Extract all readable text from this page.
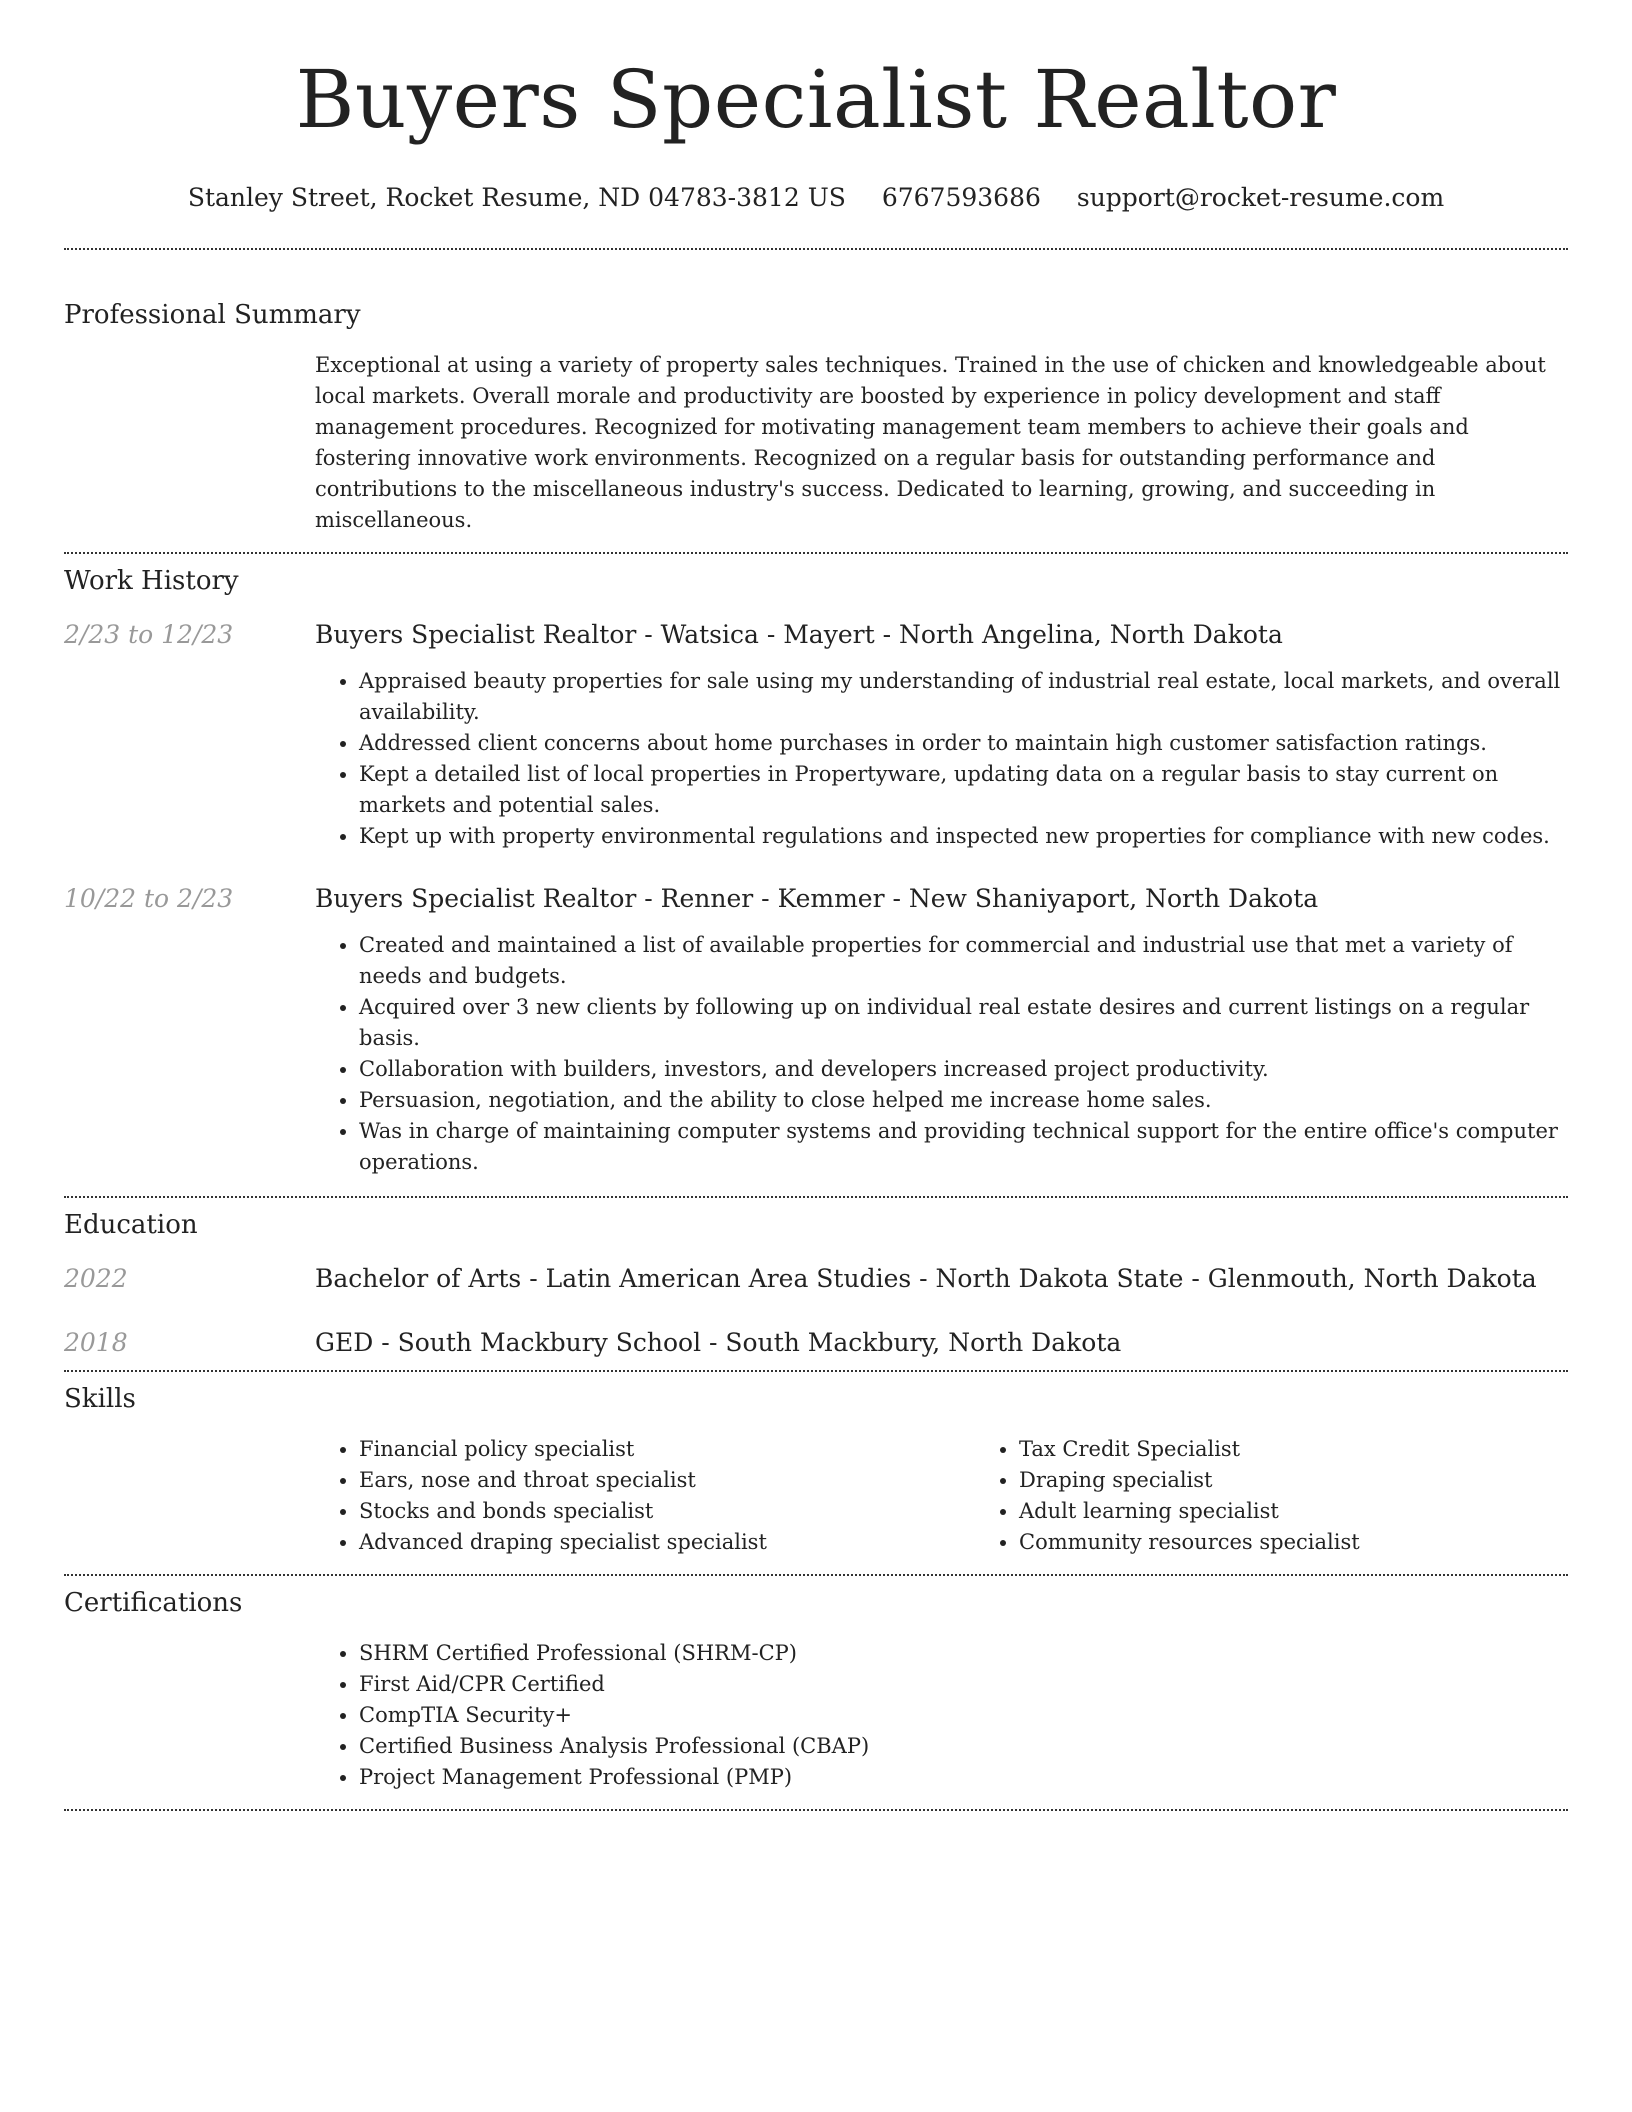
Buyers Specialist Realtor
Stanley Street, Rocket Resume, ND 04783-3812 US 6767593686 support@rocket-resume.com
Professional Summary

Exceptional at using a variety of property sales techniques. Trained in the use of chicken and knowledgeable about local markets. Overall morale and productivity are boosted by experience in policy development and staff management procedures. Recognized for motivating management team members to achieve their goals and fostering innovative work environments. Recognized on a regular basis for outstanding performance and contributions to the miscellaneous industry's success. Dedicated to learning, growing, and succeeding in miscellaneous.

Work History
2/23 to 12/23	Buyers Specialist Realtor - Watsica - Mayert - North Angelina, North Dakota
• Appraised beauty properties for sale using my understanding of industrial real estate, local markets, and overall availability.
• Addressed client concerns about home purchases in order to maintain high customer satisfaction ratings.
• Kept a detailed list of local properties in Propertyware, updating data on a regular basis to stay current on markets and potential sales.
• Kept up with property environmental regulations and inspected new properties for compliance with new codes.
10/22 to 2/23	Buyers Specialist Realtor - Renner - Kemmer - New Shaniyaport, North Dakota
• Created and maintained a list of available properties for commercial and industrial use that met a variety of needs and budgets.
• Acquired over 3 new clients by following up on individual real estate desires and current listings on a regular basis.
• Collaboration with builders, investors, and developers increased project productivity.
• Persuasion, negotiation, and the ability to close helped me increase home sales.
• Was in charge of maintaining computer systems and providing technical support for the entire office's computer operations.
Education
2022	Bachelor of Arts - Latin American Area Studies - North Dakota State - Glenmouth, North Dakota
2018	GED - South Mackbury School - South Mackbury, North Dakota
Skills
• Financial policy specialist
• Ears, nose and throat specialist
• Stocks and bonds specialist
• Advanced draping specialist specialist
• Tax Credit Specialist
• Draping specialist
• Adult learning specialist
• Community resources specialist
Certifications
• SHRM Certified Professional (SHRM-CP)
• First Aid/CPR Certified
• CompTIA Security+
• Certified Business Analysis Professional (CBAP)
• Project Management Professional (PMP)
